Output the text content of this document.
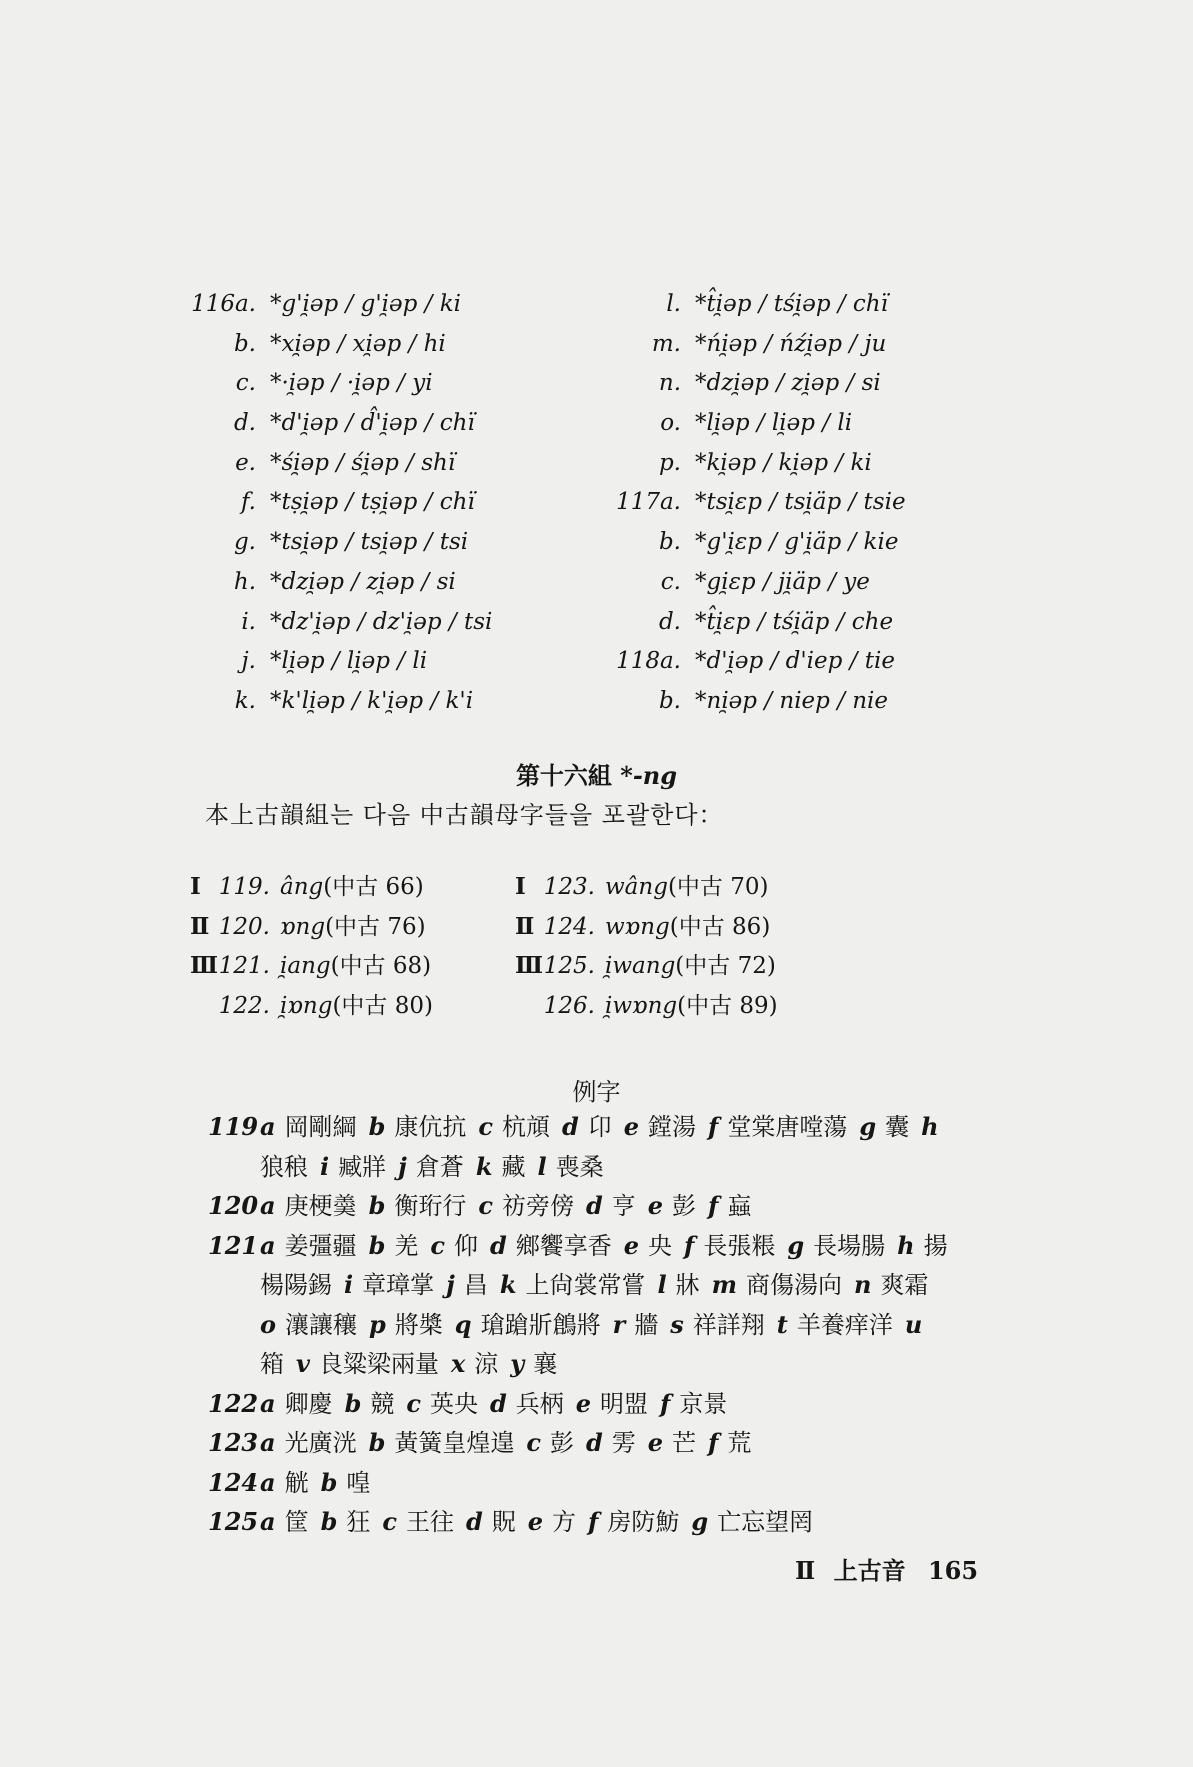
116a. *g'i̯əp / g'i̯əp / ki
b. *xi̯əp / xi̯əp / hi
c. *·i̯əp / ·i̯əp / yi
d. *d'i̯əp / d̂'i̯əp / chï
e. *śi̯əp / śi̯əp / shï
f. *tṣi̯əp / tṣi̯əp / chï
g. *tsi̯əp / tsi̯əp / tsi
h. *dzi̯əp / zi̯əp / si
i. *dz'i̯əp / dz'i̯əp / tsi
j. *li̯əp / li̯əp / li
k. *k'li̯əp / k'i̯əp / k'i
l. *t̂i̯əp / tśi̯əp / chï
m. *ńi̯əp / ńźi̯əp / ju
n. *dzi̯əp / zi̯əp / si
o. *li̯əp / li̯əp / li
p. *ki̯əp / ki̯əp / ki
117a. *tsi̯ɛp / tsi̯äp / tsie
b. *g'i̯ɛp / g'i̯äp / kie
c. *gi̯ɛp / ji̯äp / ye
d. *t̂i̯ɛp / tśi̯äp / che
118a. *d'i̯əp / d'iep / tie
b. *ni̯əp / niep / nie
第十六組 *-ng
本上古韻組는 다음 中古韻母字들을 포괄한다：
Ⅰ 119. âng(中古 66)
Ⅱ 120. ɒng(中古 76)
Ⅲ121. i̯ang(中古 68)
122. i̯ɒng(中古 80)
Ⅰ 123. wâng(中古 70)
Ⅱ 124. wɒng(中古 86)
Ⅲ125. i̯wang(中古 72)
126. i̯wɒng(中古 89)
例字
119a 岡剛綱 b 康伉抗 c 杭頏 d 卬 e 鏜湯 f 堂棠唐嘡蕩 g 囊 h
狼稂 i 臧牂 j 倉蒼 k 藏 l 喪桑
120a 庚梗羮 b 衡珩行 c 祊旁傍 d 亨 e 彭 f 蝱
121a 姜彊疆 b 羌 c 仰 d 鄉饗享香 e 央 f 長張粻 g 長場腸 h 揚
楊陽錫 i 章璋掌 j 昌 k 上尙裳常嘗 l 牀 m 商傷湯向 n 爽霜
o 瀼讓穰 p 將槳 q 瑲蹌斨鶬將 r 牆 s 祥詳翔 t 羊養痒洋 u
箱 v 良粱梁兩量 x 涼 y 襄
122a 卿慶 b 競 c 英央 d 兵柄 e 明盟 f 京景
123a 光廣洸 b 黃簧皇煌遑 c 彭 d 雱 e 芒 f 荒
124a 觥 b 喤
125a 筐 b 狂 c 王往 d 貺 e 方 f 房防魴 g 亡忘望罔
Ⅱ 上古音 165
